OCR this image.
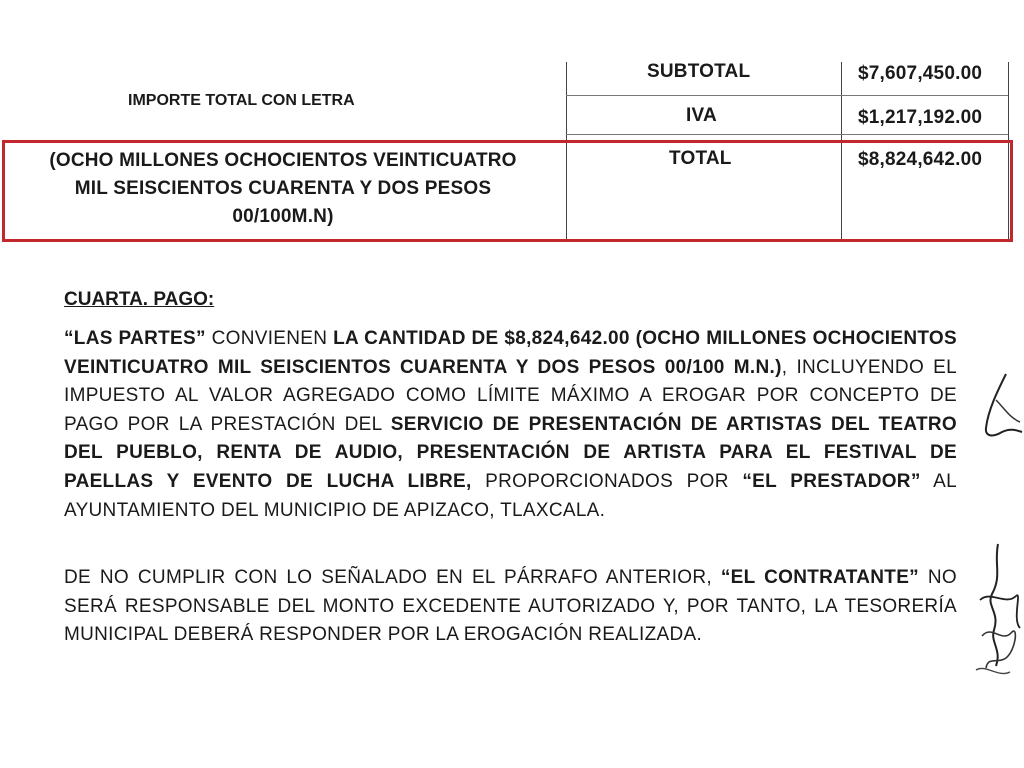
IMPORTE TOTAL CON LETRA
SUBTOTAL	$7,607,450.00
IVA	$1,217,192.00
TOTAL	$8,824,642.00
(OCHO MILLONES OCHOCIENTOS VEINTICUATRO
MIL SEISCIENTOS CUARENTA Y DOS PESOS
00/100M.N)
CUARTA. PAGO:
“LAS PARTES” CONVIENEN LA CANTIDAD DE $8,824,642.00 (OCHO MILLONES OCHOCIENTOS VEINTICUATRO MIL SEISCIENTOS CUARENTA Y DOS PESOS 00/100 M.N.), INCLUYENDO EL IMPUESTO AL VALOR AGREGADO COMO LÍMITE MÁXIMO A EROGAR POR CONCEPTO DE PAGO POR LA PRESTACIÓN DEL SERVICIO DE PRESENTACIÓN DE ARTISTAS DEL TEATRO DEL PUEBLO, RENTA DE AUDIO, PRESENTACIÓN DE ARTISTA PARA EL FESTIVAL DE PAELLAS Y EVENTO DE LUCHA LIBRE, PROPORCIONADOS POR “EL PRESTADOR” AL AYUNTAMIENTO DEL MUNICIPIO DE APIZACO, TLAXCALA.
DE NO CUMPLIR CON LO SEÑALADO EN EL PÁRRAFO ANTERIOR, “EL CONTRATANTE” NO SERÁ RESPONSABLE DEL MONTO EXCEDENTE AUTORIZADO Y, POR TANTO, LA TESORERÍA MUNICIPAL DEBERÁ RESPONDER POR LA EROGACIÓN REALIZADA.
